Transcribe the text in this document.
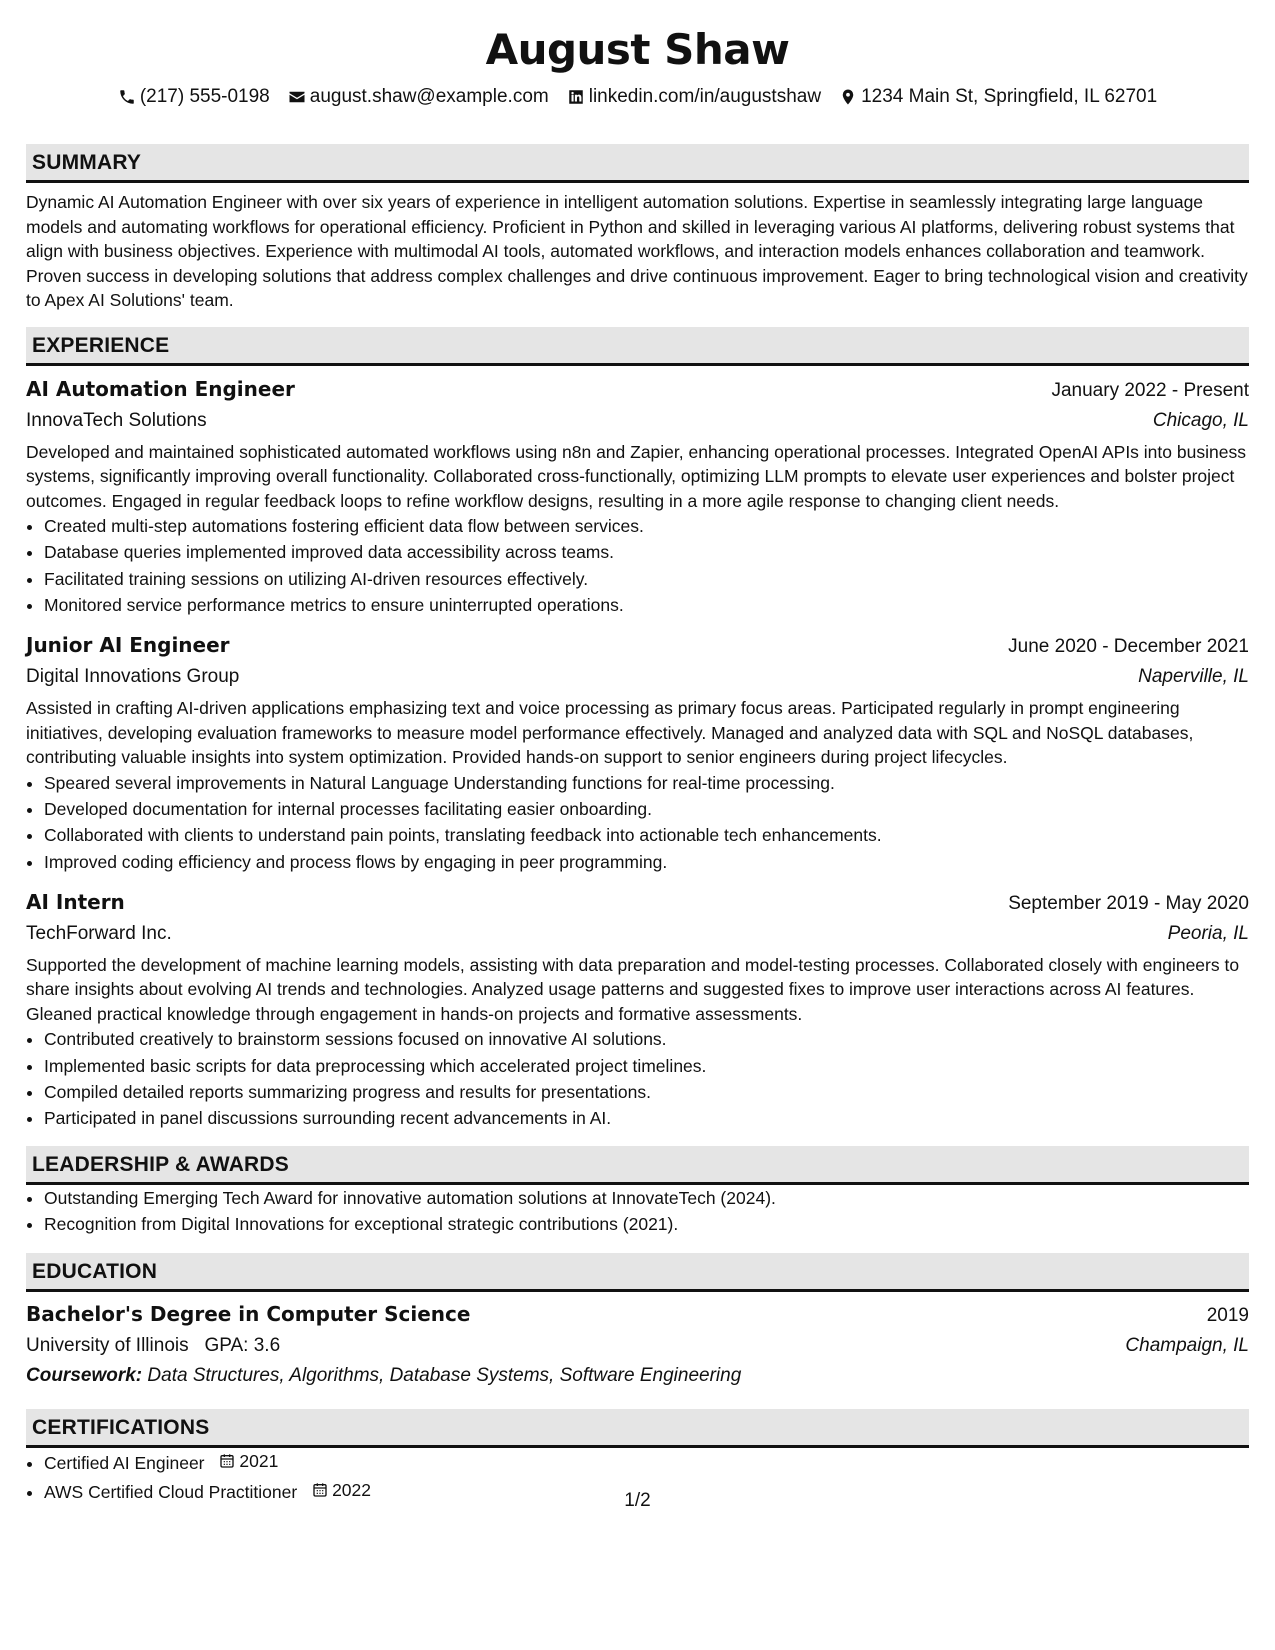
August Shaw
(217) 555-0198 august.shaw@example.com linkedin.com/in/augustshaw 1234 Main St, Springfield, IL 62701
SUMMARY

Dynamic AI Automation Engineer with over six years of experience in intelligent automation solutions. Expertise in seamlessly integrating large language models and automating workflows for operational efficiency. Proficient in Python and skilled in leveraging various AI platforms, delivering robust systems that align with business objectives. Experience with multimodal AI tools, automated workflows, and interaction models enhances collaboration and teamwork. Proven success in developing solutions that address complex challenges and drive continuous improvement. Eager to bring technological vision and creativity to Apex AI Solutions' team.

EXPERIENCE
AI Automation Engineer	January 2022 - Present
InnovaTech Solutions	Chicago, IL
Developed and maintained sophisticated automated workflows using n8n and Zapier, enhancing operational processes. Integrated OpenAI APIs into business systems, significantly improving overall functionality. Collaborated cross-functionally, optimizing LLM prompts to elevate user experiences and bolster project outcomes. Engaged in regular feedback loops to refine workflow designs, resulting in a more agile response to changing client needs.
• Created multi-step automations fostering efficient data flow between services.
• Database queries implemented improved data accessibility across teams.
• Facilitated training sessions on utilizing AI-driven resources effectively.
• Monitored service performance metrics to ensure uninterrupted operations.
Junior AI Engineer	June 2020 - December 2021
Digital Innovations Group	Naperville, IL
Assisted in crafting AI-driven applications emphasizing text and voice processing as primary focus areas. Participated regularly in prompt engineering initiatives, developing evaluation frameworks to measure model performance effectively. Managed and analyzed data with SQL and NoSQL databases, contributing valuable insights into system optimization. Provided hands-on support to senior engineers during project lifecycles.
• Speared several improvements in Natural Language Understanding functions for real-time processing.
• Developed documentation for internal processes facilitating easier onboarding.
• Collaborated with clients to understand pain points, translating feedback into actionable tech enhancements.
• Improved coding efficiency and process flows by engaging in peer programming.
AI Intern	September 2019 - May 2020
TechForward Inc.	Peoria, IL
Supported the development of machine learning models, assisting with data preparation and model-testing processes. Collaborated closely with engineers to share insights about evolving AI trends and technologies. Analyzed usage patterns and suggested fixes to improve user interactions across AI features. Gleaned practical knowledge through engagement in hands-on projects and formative assessments.
• Contributed creatively to brainstorm sessions focused on innovative AI solutions.
• Implemented basic scripts for data preprocessing which accelerated project timelines.
• Compiled detailed reports summarizing progress and results for presentations.
• Participated in panel discussions surrounding recent advancements in AI.
LEADERSHIP & AWARDS
• Outstanding Emerging Tech Award for innovative automation solutions at InnovateTech (2024).
• Recognition from Digital Innovations for exceptional strategic contributions (2021).
EDUCATION
Bachelor's Degree in Computer Science	2019
University of Illinois GPA: 3.6	Champaign, IL
Coursework: Data Structures, Algorithms, Database Systems, Software Engineering
CERTIFICATIONS
• Certified AI Engineer 2021
• AWS Certified Cloud Practitioner 2022
1/2
